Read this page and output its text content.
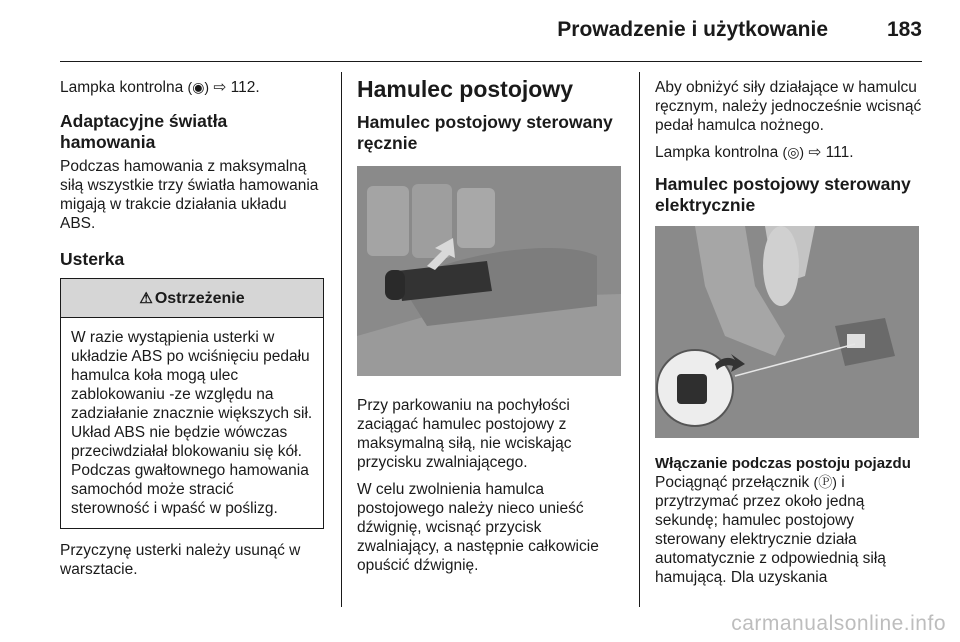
Prowadzenie i użytkowanie	183

Lampka kontrolna (◉) ⇨ 112.

Adaptacyjne światła hamowania

Podczas hamowania z maksymalną siłą wszystkie trzy światła hamowania migają w trakcie działania układu ABS.

Usterka
⚠ Ostrzeżenie
W razie wystąpienia usterki w układzie ABS po wciśnięciu pedału hamulca koła mogą ulec zablokowaniu -ze względu na zadziałanie znacznie większych sił. Układ ABS nie będzie wówczas przeciwdziałał blokowaniu się kół. Podczas gwałtownego hamowania samochód może stracić sterowność i wpaść w poślizg.

Przyczynę usterki należy usunąć w warsztacie.

Hamulec postojowy
Hamulec postojowy sterowany ręcznie

Przy parkowaniu na pochyłości zaciągać hamulec postojowy z maksymalną siłą, nie wciskając przycisku zwalniającego.

W celu zwolnienia hamulca postojowego należy nieco unieść dźwignię, wcisnąć przycisk zwalniający, a następnie całkowicie opuścić dźwignię.

Aby obniżyć siły działające w hamulcu ręcznym, należy jednocześnie wcisnąć pedał hamulca nożnego.

Lampka kontrolna (◎) ⇨ 111.

Hamulec postojowy sterowany elektrycznie
Włączanie podczas postoju pojazdu

Pociągnąć przełącznik (Ⓟ) i przytrzymać przez około jedną sekundę; hamulec postojowy sterowany elektrycznie działa automatycznie z odpowiednią siłą hamującą. Dla uzyskania

carmanualsonline.info
